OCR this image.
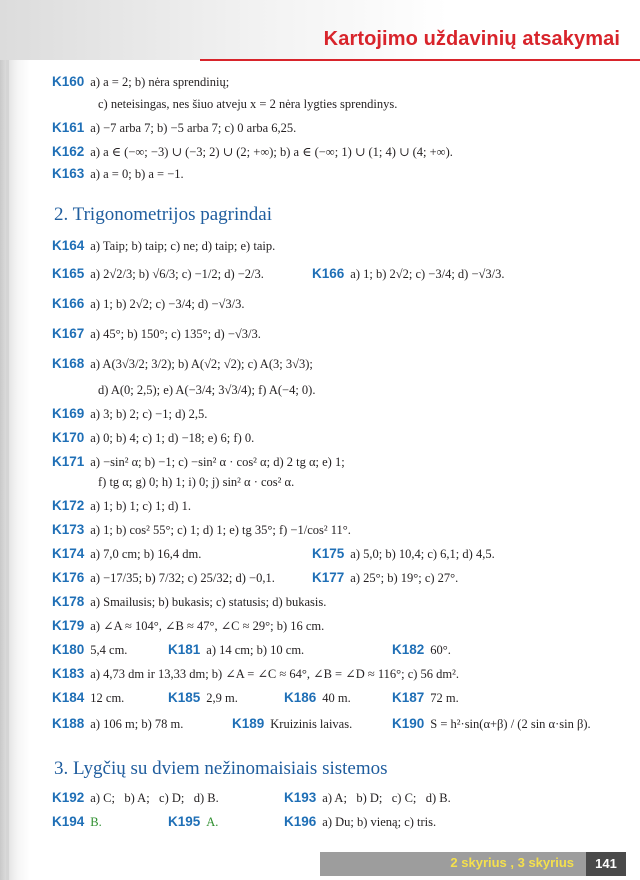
Kartojimo uždavinių atsakymai
K160 a) a = 2; b) nėra sprendinių;
c) neteisingas, nes šiuo atveju x = 2 nėra lygties sprendinys.
K161 a) −7 arba 7; b) −5 arba 7; c) 0 arba 6,25.
K162 a) a ∈ (−∞; −3) ∪ (−3; 2) ∪ (2; +∞); b) a ∈ (−∞; 1) ∪ (1; 4) ∪ (4; +∞).
K163 a) a = 0; b) a = −1.
2. Trigonometrijos pagrindai
K164 a) Taip; b) taip; c) ne; d) taip; e) taip.
K165 a) 2√2/3; b) √6/3; c) −1/2; d) −2/3.	K166 a) 1; b) 2√2; c) −3/4; d) −√3/3.
K166 a) 1; b) 2√2; c) −3/4; d) −√3/3.
K167 a) 45°; b) 150°; c) 135°; d) −√3/3.
K168 a) A(3√3/2; 3/2); b) A(√2; √2); c) A(3; 3√3);
d) A(0; 2,5); e) A(−3/4; 3√3/4); f) A(−4; 0).
K169 a) 3; b) 2; c) −1; d) 2,5.
K170 a) 0; b) 4; c) 1; d) −18; e) 6; f) 0.
K171 a) −sin² α; b) −1; c) −sin² α · cos² α; d) 2 tg α; e) 1;
f) tg α; g) 0; h) 1; i) 0; j) sin² α · cos² α.
K172 a) 1; b) 1; c) 1; d) 1.
K173 a) 1; b) cos² 55°; c) 1; d) 1; e) tg 35°; f) −1/cos² 11°.
K174 a) 7,0 cm; b) 16,4 dm.	K175 a) 5,0; b) 10,4; c) 6,1; d) 4,5.
K176 a) −17/35; b) 7/32; c) 25/32; d) −0,1.	K177 a) 25°; b) 19°; c) 27°.
K178 a) Smailusis; b) bukasis; c) statusis; d) bukasis.
K179 a) ∠A ≈ 104°, ∠B ≈ 47°, ∠C ≈ 29°; b) 16 cm.
K180 5,4 cm.	K181 a) 14 cm; b) 10 cm.	K182 60°.
K183 a) 4,73 dm ir 13,33 dm; b) ∠A = ∠C ≈ 64°, ∠B = ∠D ≈ 116°; c) 56 dm².
K184 12 cm.	K185 2,9 m.	K186 40 m.	K187 72 m.
K188 a) 106 m; b) 78 m.	K189 Kruizinis laivas.	K190 S = h²·sin(α+β) / (2 sin α·sin β).
3. Lygčių su dviem nežinomaisiais sistemos
K192 a) C; b) A; c) D; d) B.	K193 a) A; b) D; c) C; d) B.
K194 B.	K195 A.	K196 a) Du; b) vieną; c) tris.
2 skyrius , 3 skyrius	141
